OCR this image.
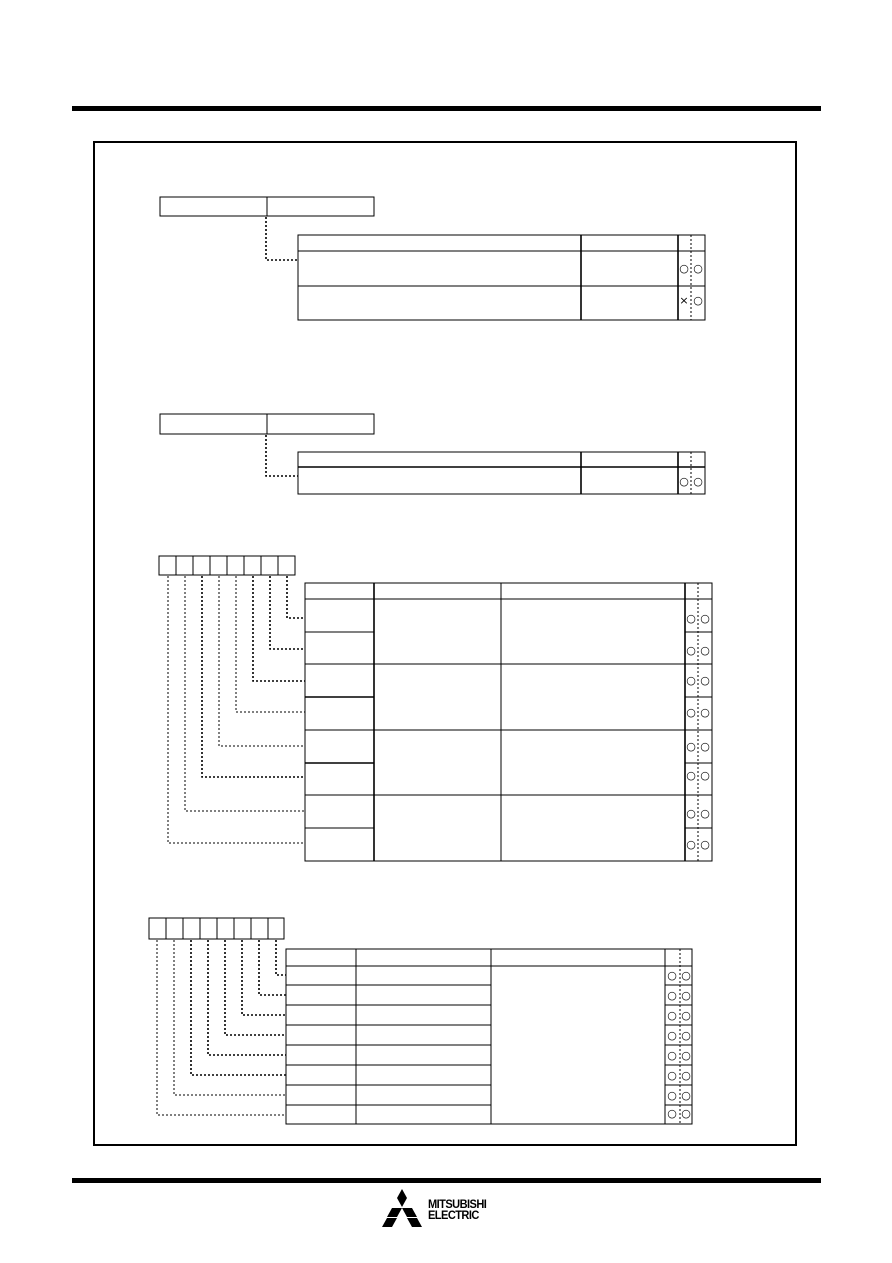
○ ○
× ○
○ ○
○ ○
○ ○
○ ○
○ ○
○ ○
○ ○
○ ○
○ ○
○ ○
○ ○
○ ○
○ ○
○ ○
○ ○
○ ○
○ ○
MITSUBISHI
ELECTRIC
